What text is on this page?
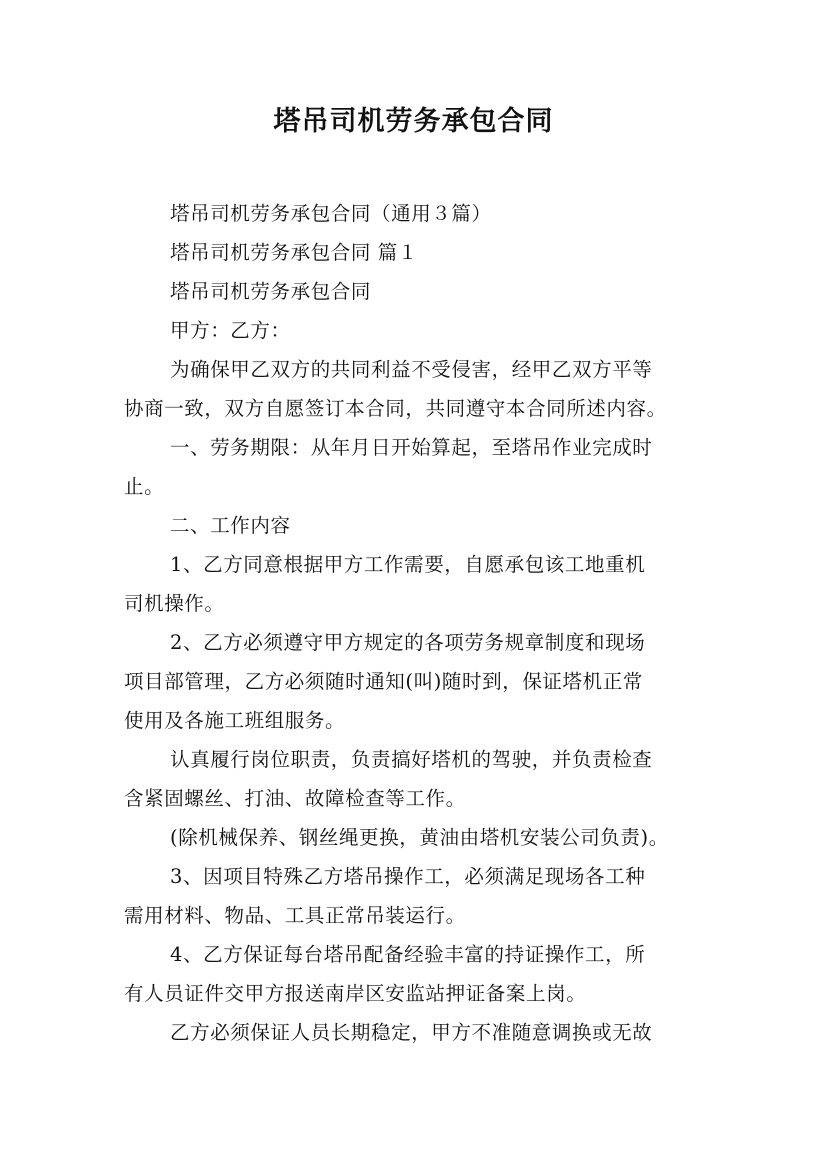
塔吊司机劳务承包合同
塔吊司机劳务承包合同（通用３篇）
塔吊司机劳务承包合同 篇１
塔吊司机劳务承包合同
甲方：乙方：
为确保甲乙双方的共同利益不受侵害，经甲乙双方平等
协商一致，双方自愿签订本合同，共同遵守本合同所述内容。
一、劳务期限：从年月日开始算起，至塔吊作业完成时
止。
二、工作内容
1、乙方同意根据甲方工作需要，自愿承包该工地重机
司机操作。
2、乙方必须遵守甲方规定的各项劳务规章制度和现场
项目部管理，乙方必须随时通知(叫)随时到，保证塔机正常
使用及各施工班组服务。
认真履行岗位职责，负责搞好塔机的驾驶，并负责检查
含紧固螺丝、打油、故障检查等工作。
(除机械保养、钢丝绳更换，黄油由塔机安装公司负责)。
3、因项目特殊乙方塔吊操作工，必须满足现场各工种
需用材料、物品、工具正常吊装运行。
4、乙方保证每台塔吊配备经验丰富的持证操作工，所
有人员证件交甲方报送南岸区安监站押证备案上岗。
乙方必须保证人员长期稳定，甲方不准随意调换或无故
